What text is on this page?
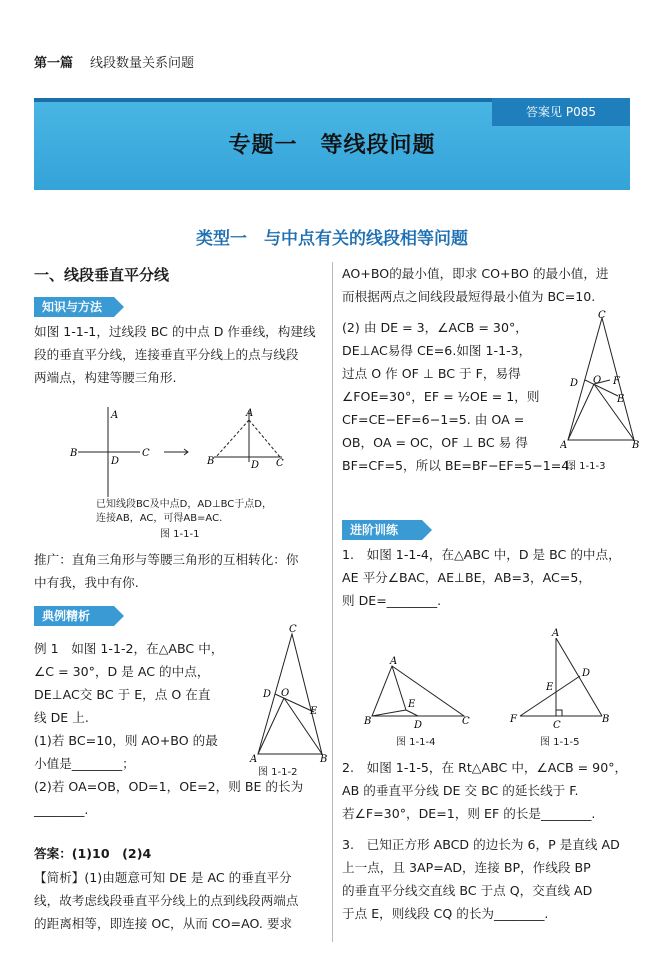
第一篇 线段数量关系问题
答案见 P085
专题一　等线段问题
类型一　与中点有关的线段相等问题
一、线段垂直平分线
知识与方法
如图 1-1-1，过线段 BC 的中点 D 作垂线，构建线
段的垂直平分线，连接垂直平分线上的点与线段
两端点，构建等腰三角形.
A
B	C
D
A
B	C
D
已知线段BC及中点D，AD⊥BC于点D，
连接AB，AC，可得AB=AC.
图 1-1-1
推广：直角三角形与等腰三角形的互相转化：你
中有我，我中有你.
典例精析
例 1　如图 1-1-2，在△ABC 中，
∠C = 30°，D 是 AC 的中点，
DE⊥AC交 BC 于 E，点 O 在直
线 DE 上.
(1)若 BC=10，则 AO+BO 的最
小值是________；
(2)若 OA=OB，OD=1，OE=2，则 BE 的长为
________.
C
D O
E
A	B
图 1-1-2
答案：(1)10　(2)4
【简析】(1)由题意可知 DE 是 AC 的垂直平分
线，故考虑线段垂直平分线上的点到线段两端点
的距离相等，即连接 OC，从而 CO=AO. 要求
AO+BO的最小值，即求 CO+BO 的最小值，进
而根据两点之间线段最短得最小值为 BC=10.
(2) 由 DE = 3，∠ACB = 30°，
DE⊥AC易得 CE=6.如图 1-1-3，
过点 O 作 OF ⊥ BC 于 F，易得
∠FOE=30°，EF = ½OE = 1，则
CF=CE−EF=6−1=5. 由 OA =
OB，OA = OC，OF ⊥ BC 易 得
BF=CF=5，所以 BE=BF−EF=5−1=4.
C
D O F
E
A	B
图 1-1-3
进阶训练
1.　如图 1-1-4，在△ABC 中，D 是 BC 的中点，
AE 平分∠BAC，AE⊥BE，AB=3，AC=5，
则 DE=________.
A
E
B	D	C
图 1-1-4
A
D
E
F
C
B
图 1-1-5
2.　如图 1-1-5，在 Rt△ABC 中，∠ACB = 90°，
AB 的垂直平分线 DE 交 BC 的延长线于 F.
若∠F=30°，DE=1，则 EF 的长是________.
3.　已知正方形 ABCD 的边长为 6，P 是直线 AD
上一点，且 3AP=AD，连接 BP，作线段 BP
的垂直平分线交直线 BC 于点 Q，交直线 AD
于点 E，则线段 CQ 的长为________.
